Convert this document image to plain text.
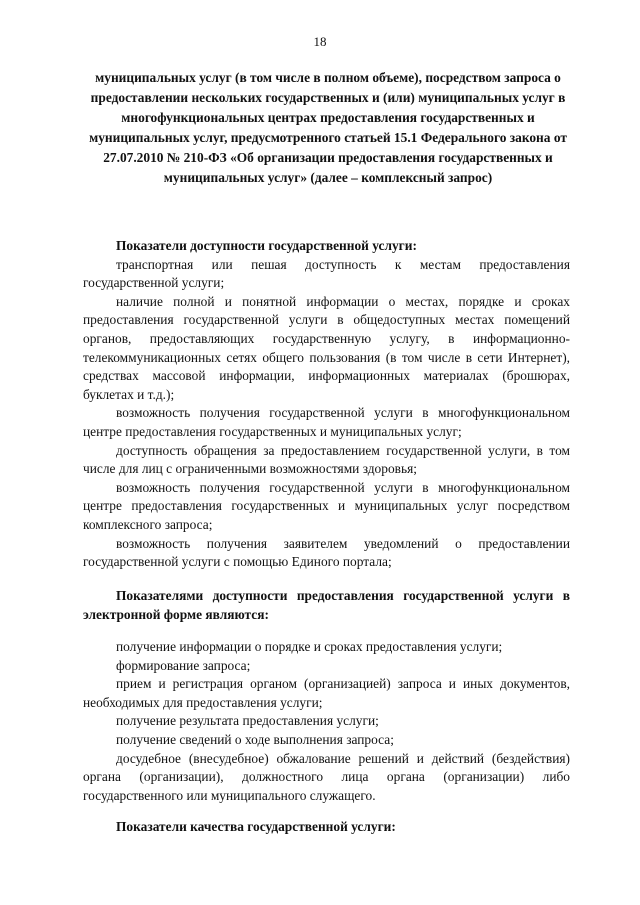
18
муниципальных услуг (в том числе в полном объеме), посредством запроса о предоставлении нескольких государственных и (или) муниципальных услуг в многофункциональных центрах предоставления государственных и муниципальных услуг, предусмотренного статьей 15.1 Федерального закона от 27.07.2010 № 210-ФЗ «Об организации предоставления государственных и муниципальных услуг» (далее – комплексный запрос)
Показатели доступности государственной услуги:

транспортная или пешая доступность к местам предоставления государственной услуги;

наличие полной и понятной информации о местах, порядке и сроках предоставления государственной услуги в общедоступных местах помещений органов, предоставляющих государственную услугу, в информационно-телекоммуникационных сетях общего пользования (в том числе в сети Интернет), средствах массовой информации, информационных материалах (брошюрах, буклетах и т.д.);

возможность получения государственной услуги в многофункциональном центре предоставления государственных и муниципальных услуг;

доступность обращения за предоставлением государственной услуги, в том числе для лиц с ограниченными возможностями здоровья;

возможность получения государственной услуги в многофункциональном центре предоставления государственных и муниципальных услуг посредством комплексного запроса;

возможность получения заявителем уведомлений о предоставлении государственной услуги с помощью Единого портала;

Показателями доступности предоставления государственной услуги в электронной форме являются:

получение информации о порядке и сроках предоставления услуги;

формирование запроса;

прием и регистрация органом (организацией) запроса и иных документов, необходимых для предоставления услуги;

получение результата предоставления услуги;

получение сведений о ходе выполнения запроса;

досудебное (внесудебное) обжалование решений и действий (бездействия) органа (организации), должностного лица органа (организации) либо государственного или муниципального служащего.

Показатели качества государственной услуги:
